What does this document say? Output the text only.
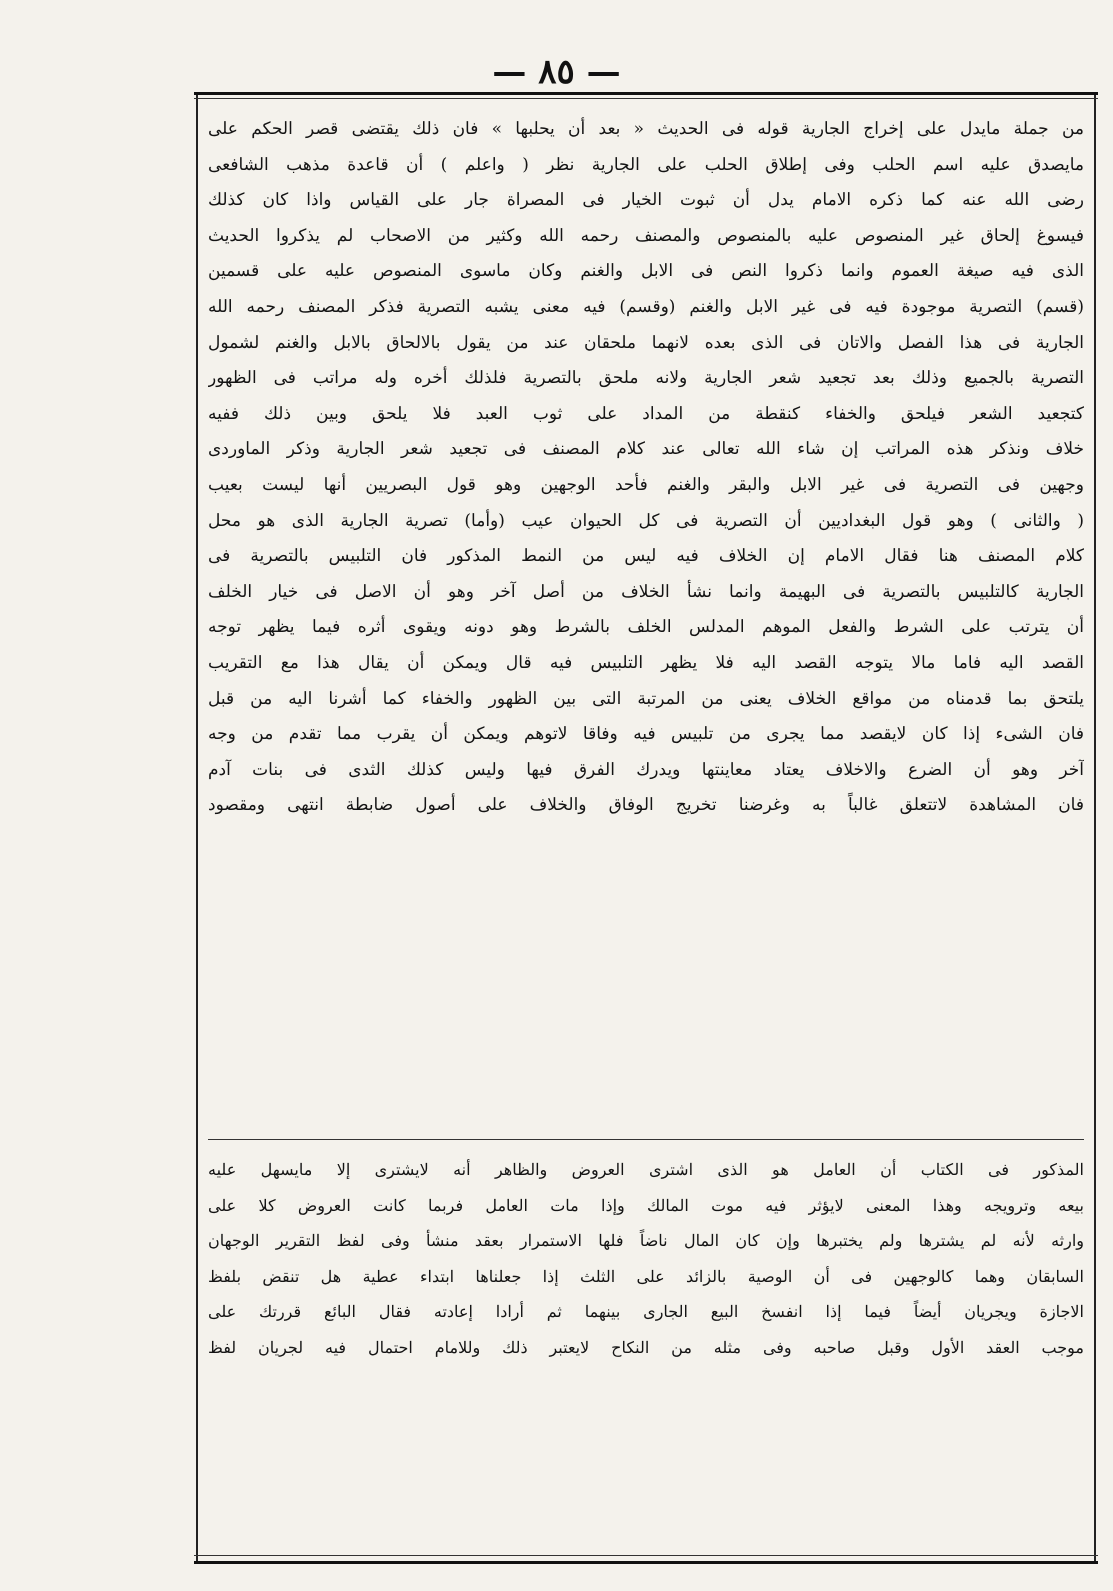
— ٨٥ —
من جملة مايدل على إخراج الجارية قوله فى الحديث « بعد أن يحلبها » فان ذلك يقتضى قصر الحكم على
مايصدق عليه اسم الحلب وفى إطلاق الحلب على الجارية نظر ( واعلم ) أن قاعدة مذهب الشافعى
رضى الله عنه كما ذكره الامام يدل أن ثبوت الخيار فى المصراة جار على القياس واذا كان كذلك
فيسوغ إلحاق غير المنصوص عليه بالمنصوص والمصنف رحمه الله وكثير من الاصحاب لم يذكروا الحديث
الذى فيه صيغة العموم وانما ذكروا النص فى الابل والغنم وكان ماسوى المنصوص عليه على قسمين
(قسم) التصرية موجودة فيه فى غير الابل والغنم (وقسم) فيه معنى يشبه التصرية فذكر المصنف رحمه الله
الجارية فى هذا الفصل والاتان فى الذى بعده لانهما ملحقان عند من يقول بالالحاق بالابل والغنم لشمول
التصرية بالجميع وذلك بعد تجعيد شعر الجارية ولانه ملحق بالتصرية فلذلك أخره وله مراتب فى الظهور
كتجعيد الشعر فيلحق والخفاء كنقطة من المداد على ثوب العبد فلا يلحق وبين ذلك ففيه
خلاف ونذكر هذه المراتب إن شاء الله تعالى عند كلام المصنف فى تجعيد شعر الجارية وذكر الماوردى
وجهين فى التصرية فى غير الابل والبقر والغنم فأحد الوجهين وهو قول البصريين أنها ليست بعيب
( والثانى ) وهو قول البغداديين أن التصرية فى كل الحيوان عيب (وأما) تصرية الجارية الذى هو محل
كلام المصنف هنا فقال الامام إن الخلاف فيه ليس من النمط المذكور فان التلبيس بالتصرية فى
الجارية كالتلبيس بالتصرية فى البهيمة وانما نشأ الخلاف من أصل آخر وهو أن الاصل فى خيار الخلف
أن يترتب على الشرط والفعل الموهم المدلس الخلف بالشرط وهو دونه ويقوى أثره فيما يظهر توجه
القصد اليه فاما مالا يتوجه القصد اليه فلا يظهر التلبيس فيه قال ويمكن أن يقال هذا مع التقريب
يلتحق بما قدمناه من مواقع الخلاف يعنى من المرتبة التى بين الظهور والخفاء كما أشرنا اليه من قبل
فان الشىء إذا كان لايقصد مما يجرى من تلبيس فيه وفاقا لاتوهم ويمكن أن يقرب مما تقدم من وجه
آخر وهو أن الضرع والاخلاف يعتاد معاينتها ويدرك الفرق فيها وليس كذلك الثدى فى بنات آدم
فان المشاهدة لاتتعلق غالباً به وغرضنا تخريج الوفاق والخلاف على أصول ضابطة انتهى ومقصود
المذكور فى الكتاب أن العامل هو الذى اشترى العروض والظاهر أنه لايشترى إلا مايسهل عليه
بيعه وترويجه وهذا المعنى لايؤثر فيه موت المالك وإذا مات العامل فربما كانت العروض كلا على
وارثه لأنه لم يشترها ولم يختبرها وإن كان المال ناضاً فلها الاستمرار بعقد منشأ وفى لفظ التقرير الوجهان
السابقان وهما كالوجهين فى أن الوصية بالزائد على الثلث إذا جعلناها ابتداء عطية هل تنقض بلفظ
الاجازة ويجريان أيضاً فيما إذا انفسخ البيع الجارى بينهما ثم أرادا إعادته فقال البائع قررتك على
موجب العقد الأول وقبل صاحبه وفى مثله من النكاح لايعتبر ذلك وللامام احتمال فيه لجريان لفظ
